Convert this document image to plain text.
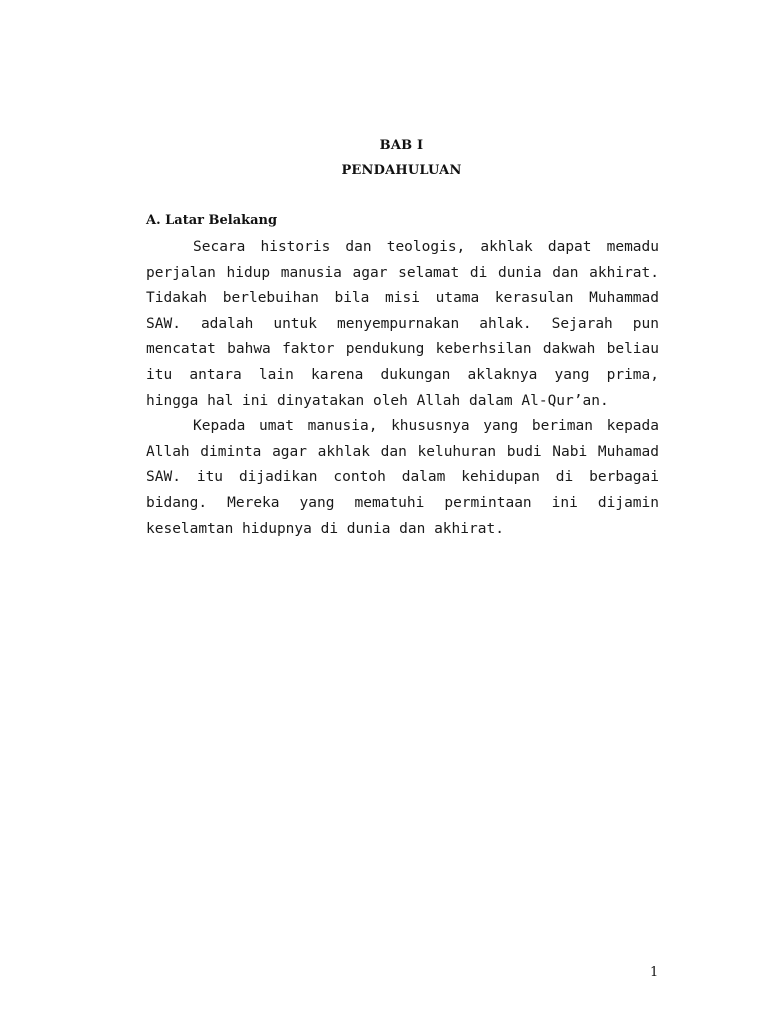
BAB I
PENDAHULUAN
A. Latar Belakang

Secara historis dan teologis, akhlak dapat memadu perjalan hidup manusia agar selamat di dunia dan akhirat. Tidakah berlebuihan bila misi utama kerasulan Muhammad SAW. adalah untuk menyempurnakan ahlak. Sejarah pun mencatat bahwa faktor pendukung keberhsilan dakwah beliau itu antara lain karena dukungan aklaknya yang prima, hingga hal ini dinyatakan oleh Allah dalam Al-Qur’an.

Kepada umat manusia, khususnya yang beriman kepada Allah diminta agar akhlak dan keluhuran budi Nabi Muhamad SAW. itu dijadikan contoh dalam kehidupan di berbagai bidang. Mereka yang mematuhi permintaan ini dijamin keselamtan hidupnya di dunia dan akhirat.

1
